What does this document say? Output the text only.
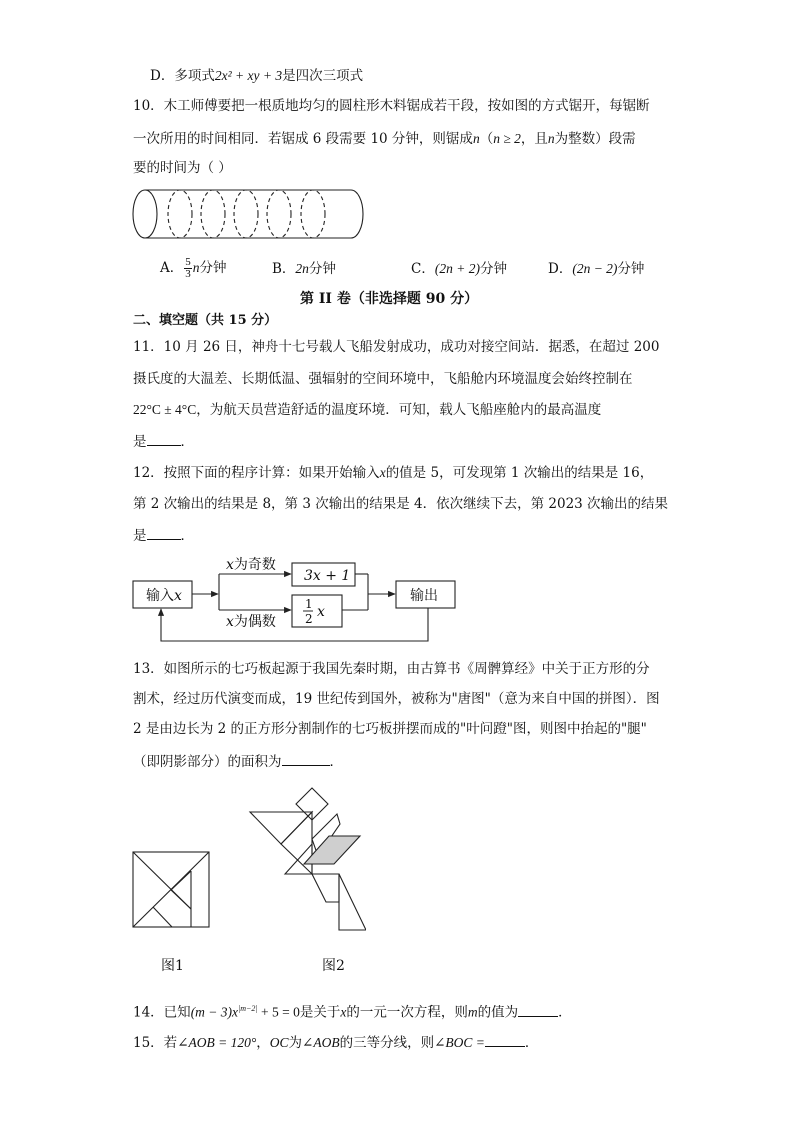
D．多项式2x² + xy + 3是四次三项式
10．木工师傅要把一根质地均匀的圆柱形木料锯成若干段，按如图的方式锯开，每锯断
一次所用的时间相同．若锯成 6 段需要 10 分钟，则锯成n（n ≥ 2，且n为整数）段需
要的时间为（ ）
A． $\frac{5}{3}$ n分钟	B．2n分钟	C．(2n + 2)分钟	D．(2n − 2)分钟
第 II 卷（非选择题 90 分）
二、填空题（共 15 分）
11．10 月 26 日，神舟十七号载人飞船发射成功，成功对接空间站．据悉，在超过 200
摄氏度的大温差、长期低温、强辐射的空间环境中，飞船舱内环境温度会始终控制在
22°C ± 4°C，为航天员营造舒适的温度环境．可知，载人飞船座舱内的最高温度
是	．
12．按照下面的程序计算：如果开始输入x的值是 5，可发现第 1 次输出的结果是 16，
第 2 次输出的结果是 8，第 3 次输出的结果是 4．依次继续下去，第 2023 次输出的结果
是	．
输入x
x为奇数
x为偶数
3x + 1
1
2 x
输出
13．如图所示的七巧板起源于我国先秦时期，由古算书《周髀算经》中关于正方形的分
割术，经过历代演变而成，19 世纪传到国外，被称为"唐图"（意为来自中国的拼图）．图
2 是由边长为 2 的正方形分割制作的七巧板拼摆而成的"叶问蹬"图，则图中抬起的"腿"
（即阴影部分）的面积为	．
图1	图2
14．已知$(m - 3)x^{|m-2|} + 5 = 0$是关于x的一元一次方程，则m的值为	．
15．若∠AOB = 120°，OC为∠AOB的三等分线，则∠BOC =	．
